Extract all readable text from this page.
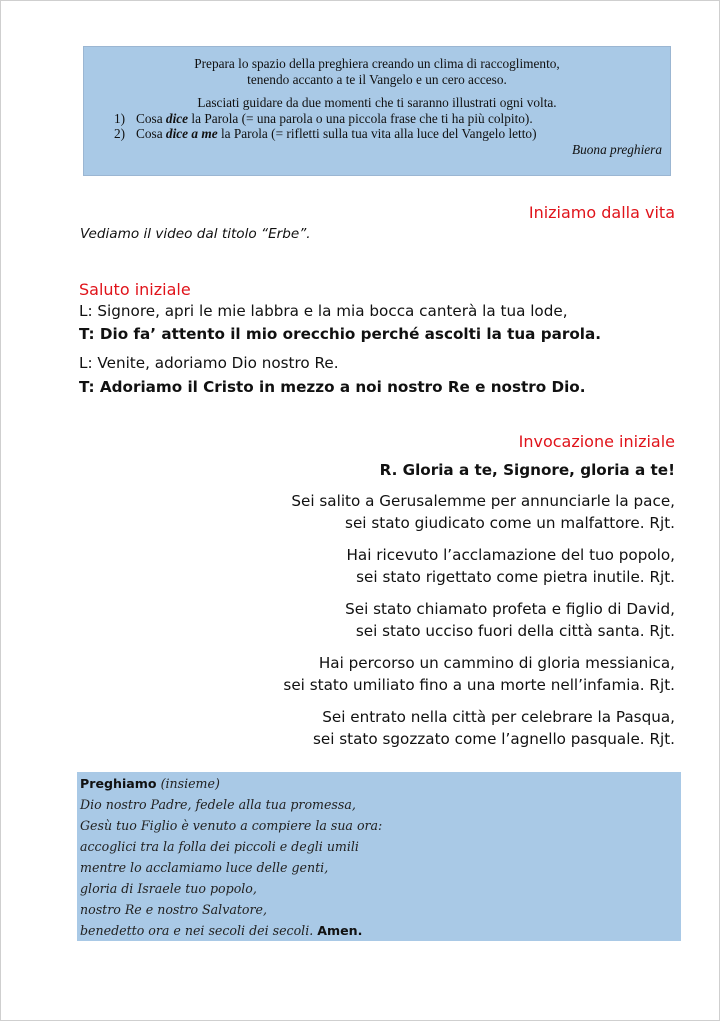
Prepara lo spazio della preghiera creando un clima di raccoglimento,
tenendo accanto a te il Vangelo e un cero acceso.
Lasciati guidare da due momenti che ti saranno illustrati ogni volta.
1) Cosa dice la Parola (= una parola o una piccola frase che ti ha più colpito).
2) Cosa dice a me la Parola (= rifletti sulla tua vita alla luce del Vangelo letto)
Buona preghiera
Iniziamo dalla vita
Vediamo il video dal titolo “Erbe”.
Saluto iniziale
L: Signore, apri le mie labbra e la mia bocca canterà la tua lode,
T: Dio fa’ attento il mio orecchio perché ascolti la tua parola.
L: Venite, adoriamo Dio nostro Re.
T: Adoriamo il Cristo in mezzo a noi nostro Re e nostro Dio.
Invocazione iniziale
R. Gloria a te, Signore, gloria a te!
Sei salito a Gerusalemme per annunciarle la pace,
sei stato giudicato come un malfattore. Rjt.
Hai ricevuto l’acclamazione del tuo popolo,
sei stato rigettato come pietra inutile. Rjt.
Sei stato chiamato profeta e figlio di David,
sei stato ucciso fuori della città santa. Rjt.
Hai percorso un cammino di gloria messianica,
sei stato umiliato fino a una morte nell’infamia. Rjt.
Sei entrato nella città per celebrare la Pasqua,
sei stato sgozzato come l’agnello pasquale. Rjt.
Preghiamo (insieme)
Dio nostro Padre, fedele alla tua promessa,
Gesù tuo Figlio è venuto a compiere la sua ora:
accoglici tra la folla dei piccoli e degli umili
mentre lo acclamiamo luce delle genti,
gloria di Israele tuo popolo,
nostro Re e nostro Salvatore,
benedetto ora e nei secoli dei secoli. Amen.
